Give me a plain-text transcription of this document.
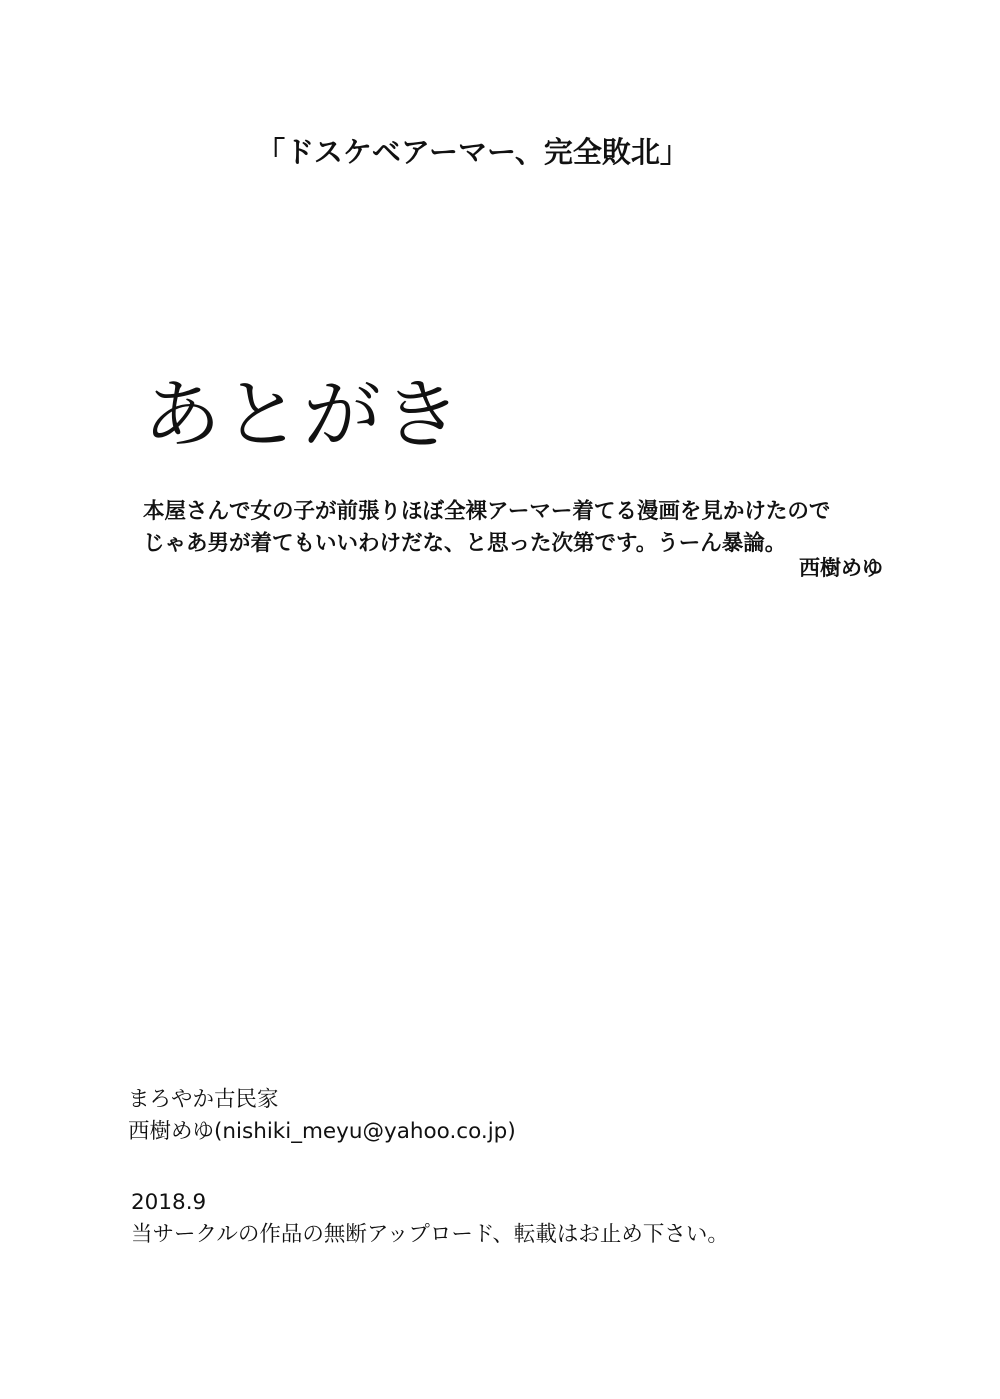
「ドスケベアーマー、完全敗北」
あとがき

本屋さんで女の子が前張りほぼ全裸アーマー着てる漫画を見かけたので

じゃあ男が着てもいいわけだな、と思った次第です。うーん暴論。

西樹めゆ

まろやか古民家

西樹めゆ(nishiki_meyu@yahoo.co.jp)

2018.9

当サークルの作品の無断アップロード、転載はお止め下さい。
